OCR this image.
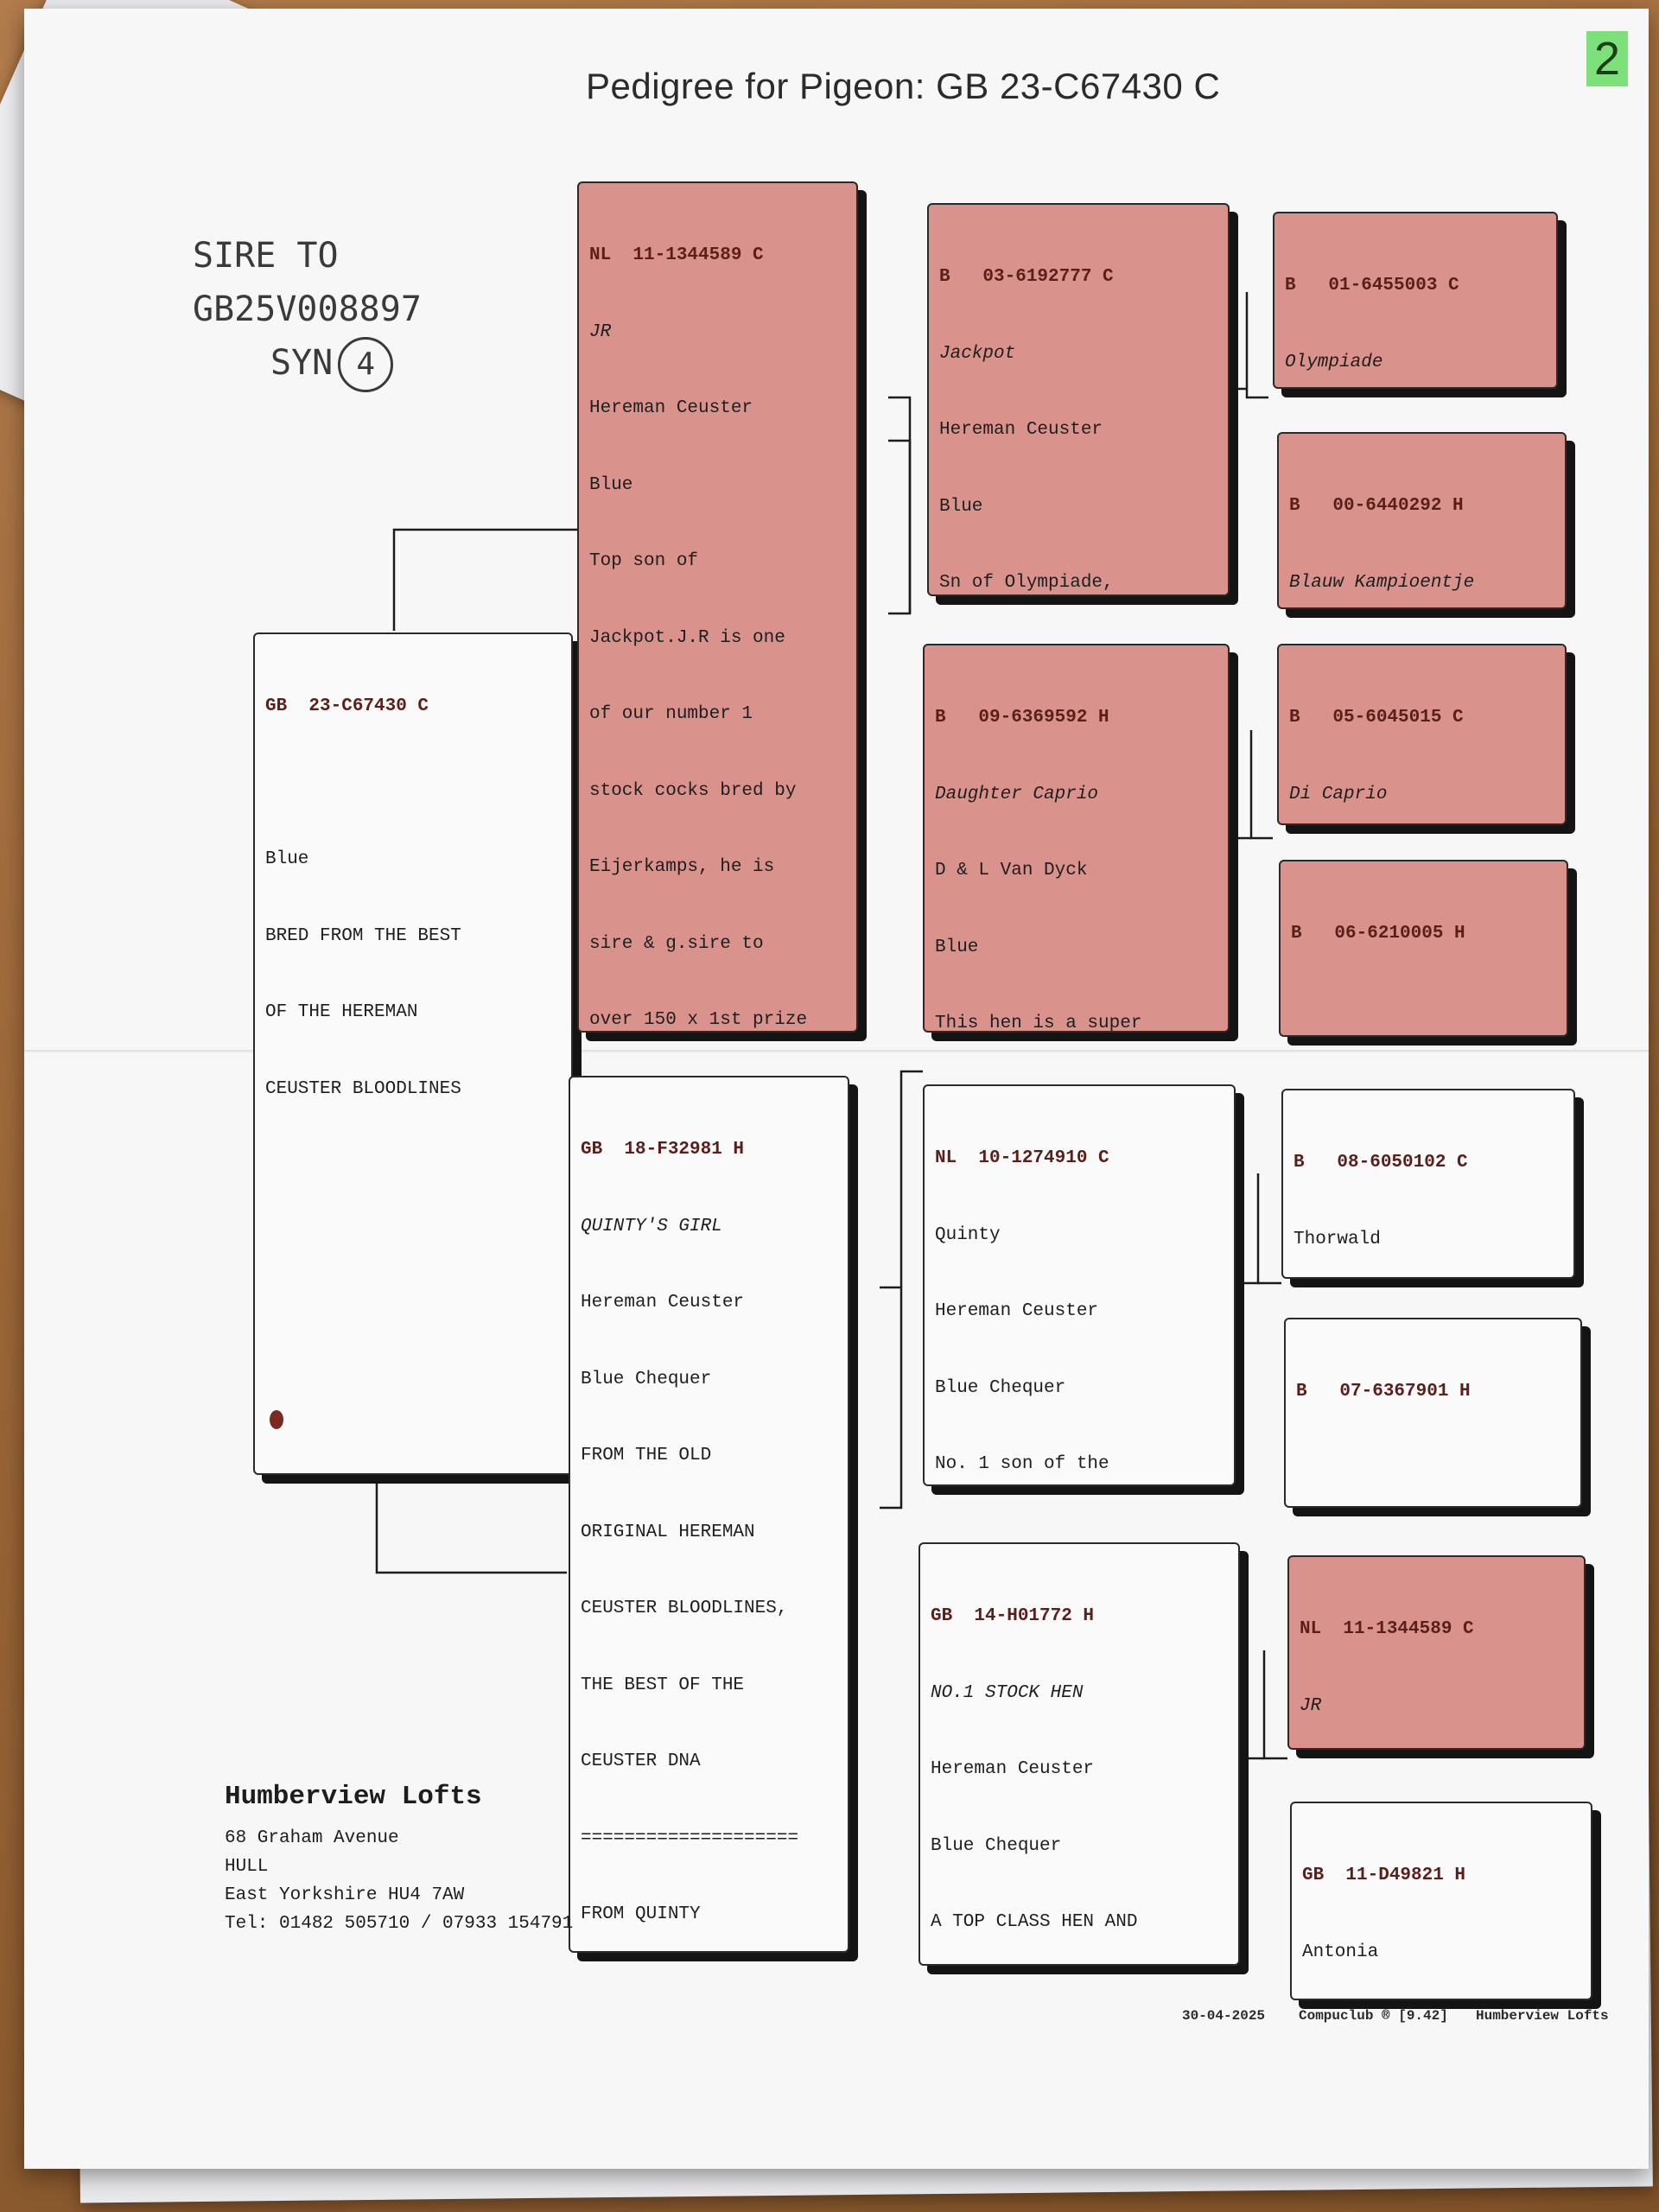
2
Pedigree for Pigeon: GB 23-C67430 C
SIRE TO
GB25V008897
SYN 4

GB  23-C67430 C

Blue

BRED FROM THE BEST

OF THE HEREMAN

CEUSTER BLOODLINES

NL  11-1344589 C

JR

Hereman Ceuster

Blue

Top son of

Jackpot.J.R is one

of our number 1

stock cocks bred by

Eijerkamps, he is

sire & g.sire to

over 150 x 1st prize

GB  18-F32981 H

QUINTY'S GIRL

Hereman Ceuster

Blue Chequer

FROM THE OLD

ORIGINAL HEREMAN

CEUSTER BLOODLINES,

THE BEST OF THE

CEUSTER DNA

====================

FROM QUINTY

B   03-6192777 C

Jackpot

Hereman Ceuster

Blue

Sn of Olympiade,

B   09-6369592 H

Daughter Caprio

D & L Van Dyck

Blue

This hen is a super

NL  10-1274910 C

Quinty

Hereman Ceuster

Blue Chequer

No. 1 son of the

GB  14-H01772 H

NO.1 STOCK HEN

Hereman Ceuster

Blue Chequer

A TOP CLASS HEN AND

B   01-6455003 C

Olympiade

B   00-6440292 H

Blauw Kampioentje

B   05-6045015 C

Di Caprio

B   06-6210005 H

B   08-6050102 C

Thorwald

B   07-6367901 H

NL  11-1344589 C

JR

GB  11-D49821 H

Antonia

Humberview Lofts
68 Graham Avenue
HULL
East Yorkshire HU4 7AW
Tel: 01482 505710 / 07933 154791
30-04-2025 Compuclub ® [9.42] Humberview Lofts
